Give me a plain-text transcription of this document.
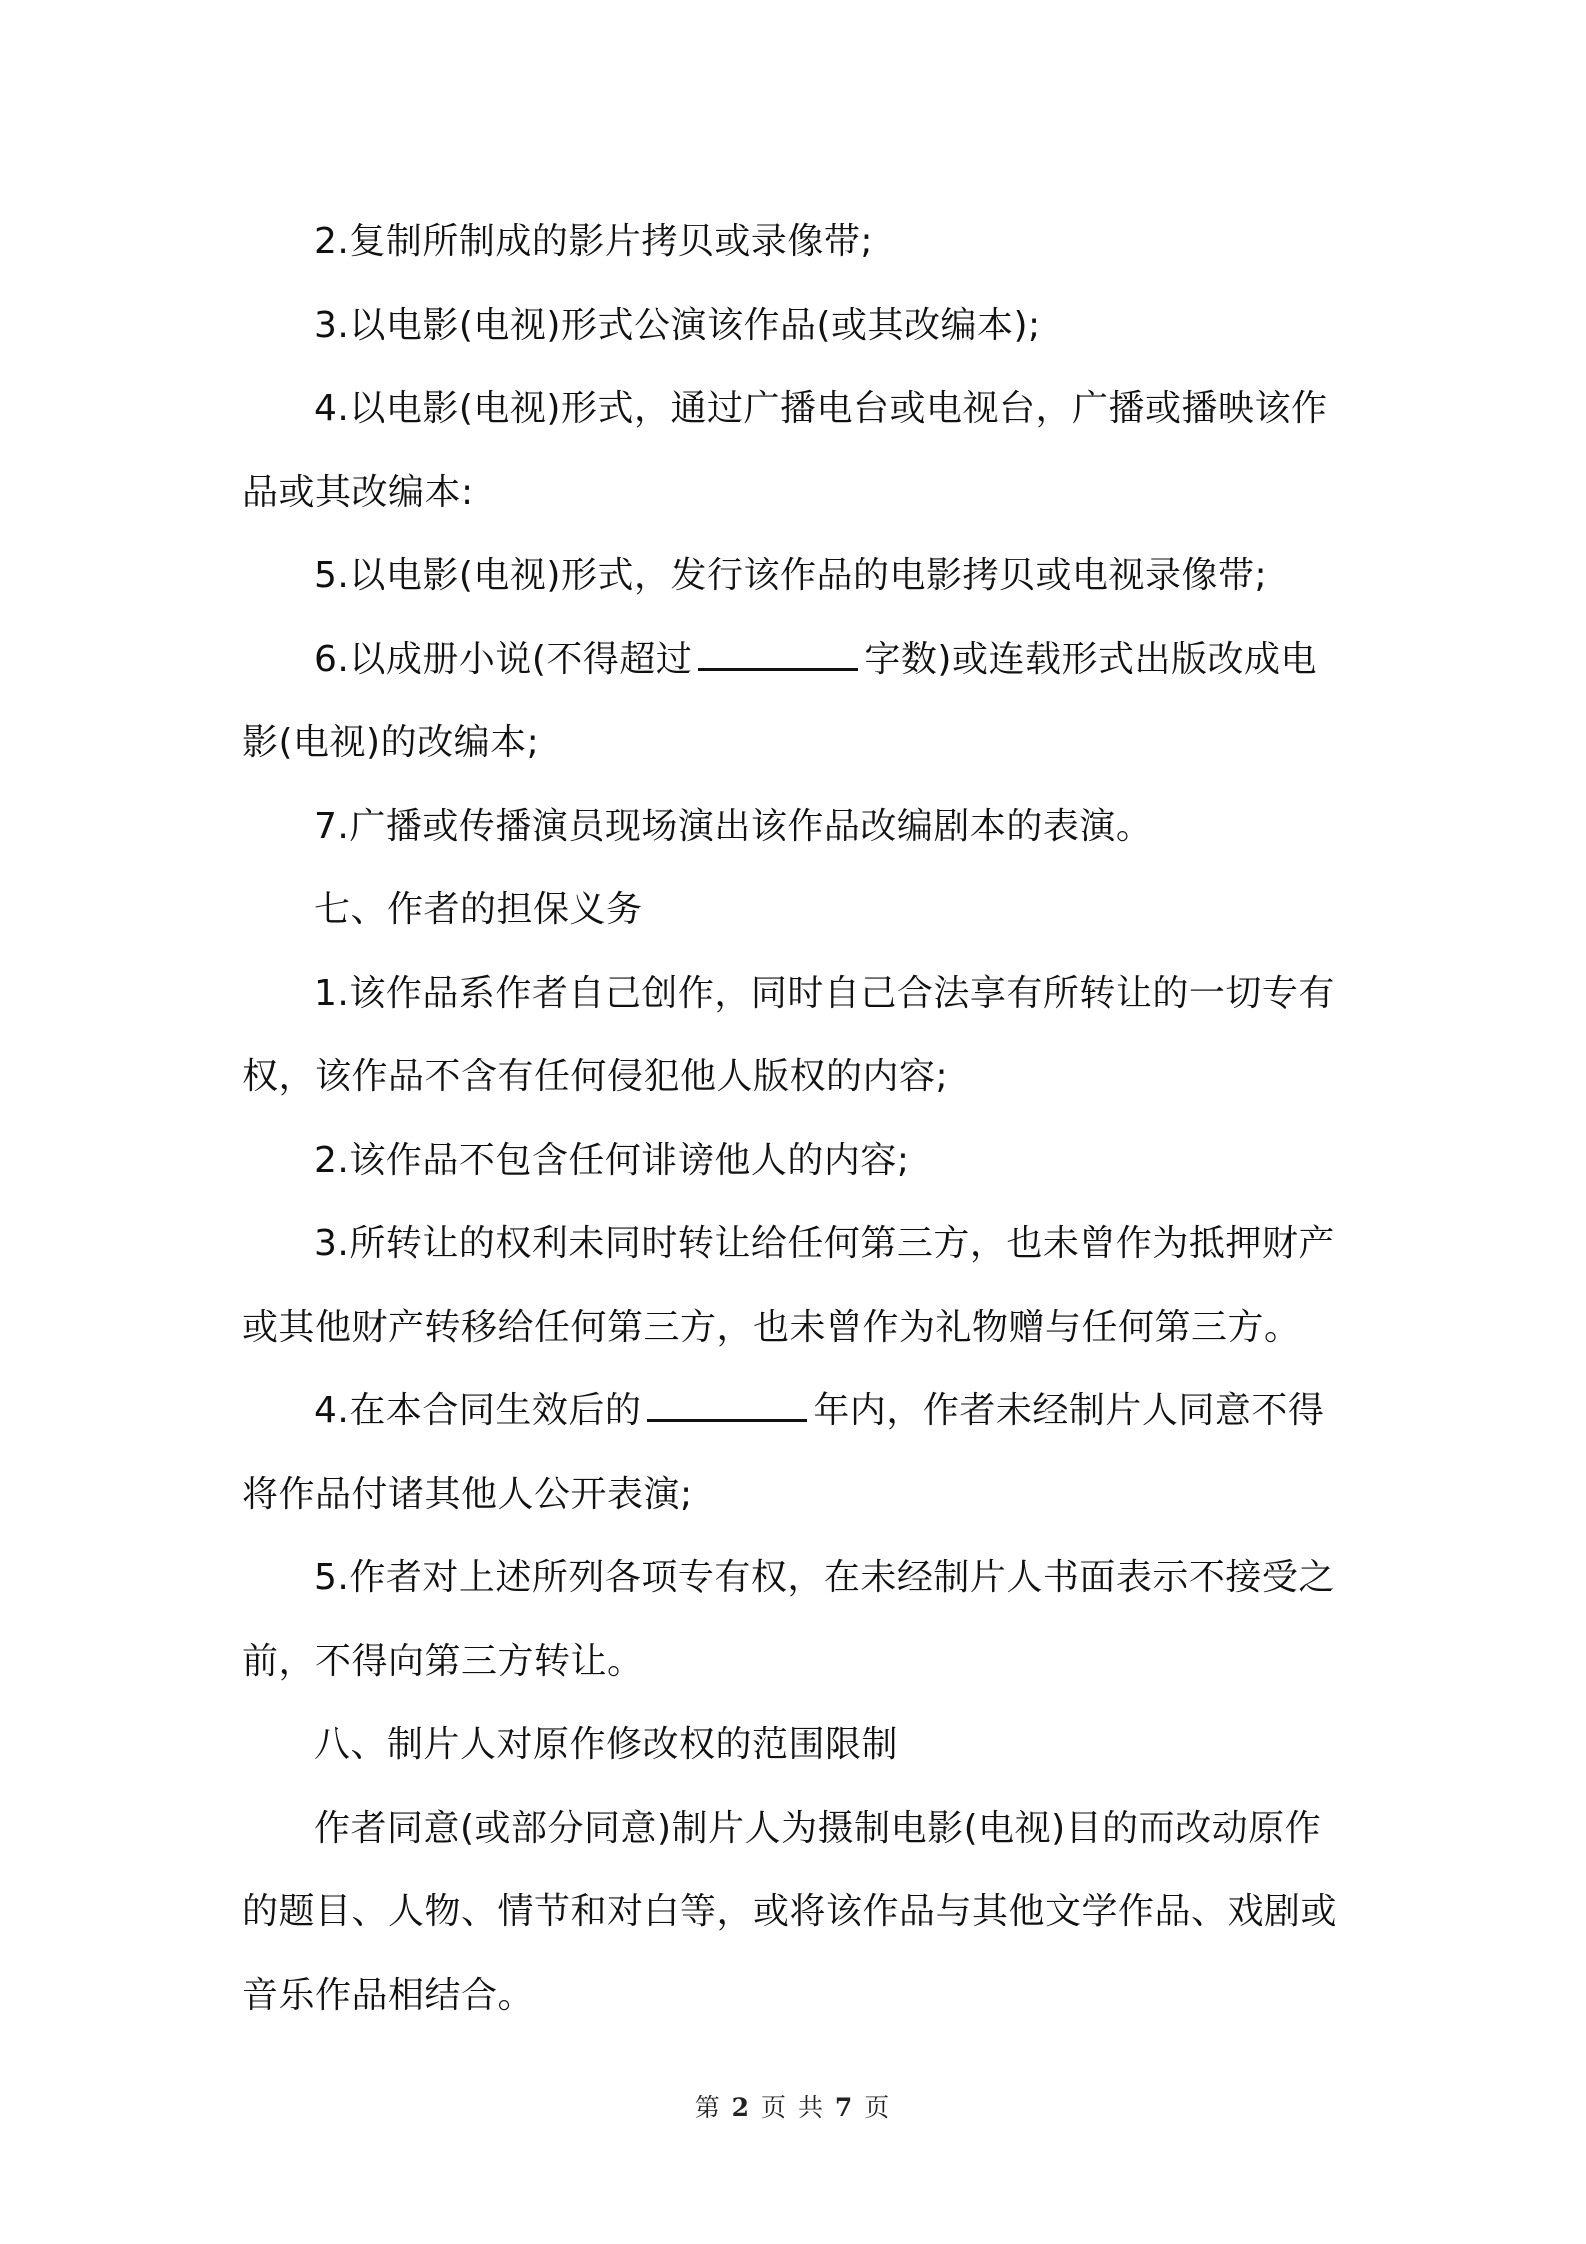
2.复制所制成的影片拷贝或录像带;
3.以电影(电视)形式公演该作品(或其改编本);
4.以电影(电视)形式，通过广播电台或电视台，广播或播映该作
品或其改编本:
5.以电影(电视)形式，发行该作品的电影拷贝或电视录像带;
6.以成册小说(不得超过	字数)或连载形式出版改成电
影(电视)的改编本;
7.广播或传播演员现场演出该作品改编剧本的表演。
七、作者的担保义务
1.该作品系作者自己创作，同时自己合法享有所转让的一切专有
权，该作品不含有任何侵犯他人版权的内容;
2.该作品不包含任何诽谤他人的内容;
3.所转让的权利未同时转让给任何第三方，也未曾作为抵押财产
或其他财产转移给任何第三方，也未曾作为礼物赠与任何第三方。
4.在本合同生效后的	年内，作者未经制片人同意不得
将作品付诸其他人公开表演;
5.作者对上述所列各项专有权，在未经制片人书面表示不接受之
前，不得向第三方转让。
八、制片人对原作修改权的范围限制
作者同意(或部分同意)制片人为摄制电影(电视)目的而改动原作
的题目、人物、情节和对白等，或将该作品与其他文学作品、戏剧或
音乐作品相结合。
第 2 页 共 7 页
